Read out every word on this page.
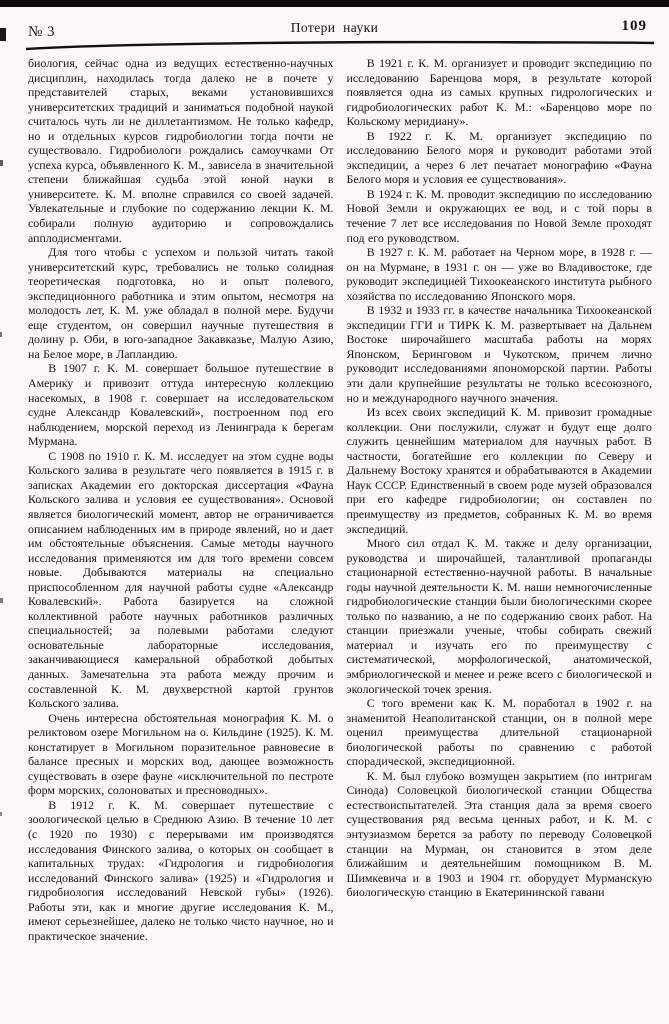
№ 3	Потери науки	109

биология, сейчас одна из ведущих естественно-научных дисциплин, находилась тогда далеко не в почете у представителей старых, веками установившихся университетских традиций и заниматься подобной наукой считалось чуть ли не диллетантизмом. Не только кафедр, но и отдельных курсов гидробиологии тогда почти не существовало. Гидробиологи рождались самоучками От успеха курса, объявленного К. М., зависела в значительной степени ближайшая судьба этой юной науки в университете. К. М. вполне справился со своей задачей. Увлекательные и глубокие по содержанию лекции К. М. собирали полную аудиторию и сопровождались апплодисментами.

Для того чтобы с успехом и пользой читать такой университетский курс, требовались не только солидная теоретическая подготовка, но и опыт полевого, экспедиционного работника и этим опытом, несмотря на молодость лет, К. М. уже обладал в полной мере. Будучи еще студентом, он совершил научные путешествия в долину р. Оби, в юго-западное Закавказье, Малую Азию, на Белое море, в Лапландию.

В 1907 г. К. М. совершает большое путешествие в Америку и привозит оттуда интересную коллекцию насекомых, в 1908 г. совершает на исследовательском судне Александр Ковалевский», построенном под его наблюдением, морской переход из Ленинграда к берегам Мурмана.

С 1908 по 1910 г. К. М. исследует на этом судне воды Кольского залива в результате чего появляется в 1915 г. в записках Академии его докторская диссертация «Фауна Кольского залива и условия ее существования». Основой является биологический момент, автор не ограничивается описанием наблюденных им в природе явлений, но и дает им обстоятельные объяснения. Самые методы научного исследования применяются им для того времени совсем новые. Добываются материалы на специально приспособленном для научной работы судне «Александр Ковалевский». Работа базируется на сложной коллективной работе научных работников различных специальностей; за полевыми работами следуют основательные лабораторные исследования, заканчивающиеся камеральной обработкой добытых данных. Замечательна эта работа между прочим и составленной К. М. двухверстной картой грунтов Кольского залива.

Очень интересна обстоятельная монография К. М. о реликтовом озере Могильном на о. Кильдине (1925). К. М. констатирует в Могильном поразительное равновесие в балансе пресных и морских вод, дающее возможность существовать в озере фауне «исключительной по пестроте форм морских, солоноватых и пресноводных».

В 1912 г. К. М. совершает путешествие с зоологической целью в Среднюю Азию. В течение 10 лет (с 1920 по 1930) с перерывами им производятся исследования Финского залива, о которых он сообщает в капитальных трудах: «Гидрология и гидробиология исследований Финского залива» (1925) и «Гидрология и гидробиология исследований Невской губы» (1926). Работы эти, как и многие другие исследования К. М., имеют серьезнейшее, далеко не только чисто научное, но и практическое значение.

В 1921 г. К. М. организует и проводит экспедицию по исследованию Баренцова моря, в результате которой появляется одна из самых крупных гидрологических и гидробиологических работ К. М.: «Баренцово море по Кольскому меридиану».

В 1922 г. К. М. организует экспедицию по исследованию Белого моря и руководит работами этой экспедиции, а через 6 лет печатает монографию «Фауна Белого моря и условия ее существования».

В 1924 г. К. М. проводит экспедицию по исследованию Новой Земли и окружающих ее вод, и с той поры в течение 7 лет все исследования по Новой Земле проходят под его руководством.

В 1927 г. К. М. работает на Черном море, в 1928 г. — он на Мурмане, в 1931 г. он — уже во Владивостоке, где руководит экспедицией Тихоокеанского института рыбного хозяйства по исследованию Японского моря.

В 1932 и 1933 гг. в качестве начальника Тихоокеанской экспедиции ГГИ и ТИРК К. М. развертывает на Дальнем Востоке широчайшего масштаба работы на морях Японском, Беринговом и Чукотском, причем лично руководит исследованиями япономорской партии. Работы эти дали крупнейшие результаты не только всесоюзного, но и международного научного значения.

Из всех своих экспедиций К. М. привозит громадные коллекции. Они послужили, служат и будут еще долго служить ценнейшим материалом для научных работ. В частности, богатейшие его коллекции по Северу и Дальнему Востоку хранятся и обрабатываются в Академии Наук СССР. Единственный в своем роде музей образовался при его кафедре гидробиологии; он составлен по преимуществу из предметов, собранных К. М. во время экспедиций.

Много сил отдал К. М. также и делу организации, руководства и широчайшей, талантливой пропаганды стационарной естественно-научной работы. В начальные годы научной деятельности К. М. наши немногочисленные гидробиологические станции были биологическими скорее только по названию, а не по содержанию своих работ. На станции приезжали ученые, чтобы собирать свежий материал и изучать его по преимуществу с систематической, морфологической, анатомической, эмбриологической и менее и реже всего с биологической и экологической точек зрения.

С того времени как К. М. поработал в 1902 г. на знаменитой Неаполитанской станции, он в полной мере оценил преимущества длительной стационарной биологической работы по сравнению с работой спорадической, экспедиционной.

К. М. был глубоко возмущен закрытием (по интригам Синода) Соловецкой биологической станции Общества естествоиспытателей. Эта станция дала за время своего существования ряд весьма ценных работ, и К. М. с энтузиазмом берется за работу по переводу Соловецкой станции на Мурман, он становится в этом деле ближайшим и деятельнейшим помощником В. М. Шимкевича и в 1903 и 1904 гг. оборудует Мурманскую биологическую станцию в Екатерининской гавани
